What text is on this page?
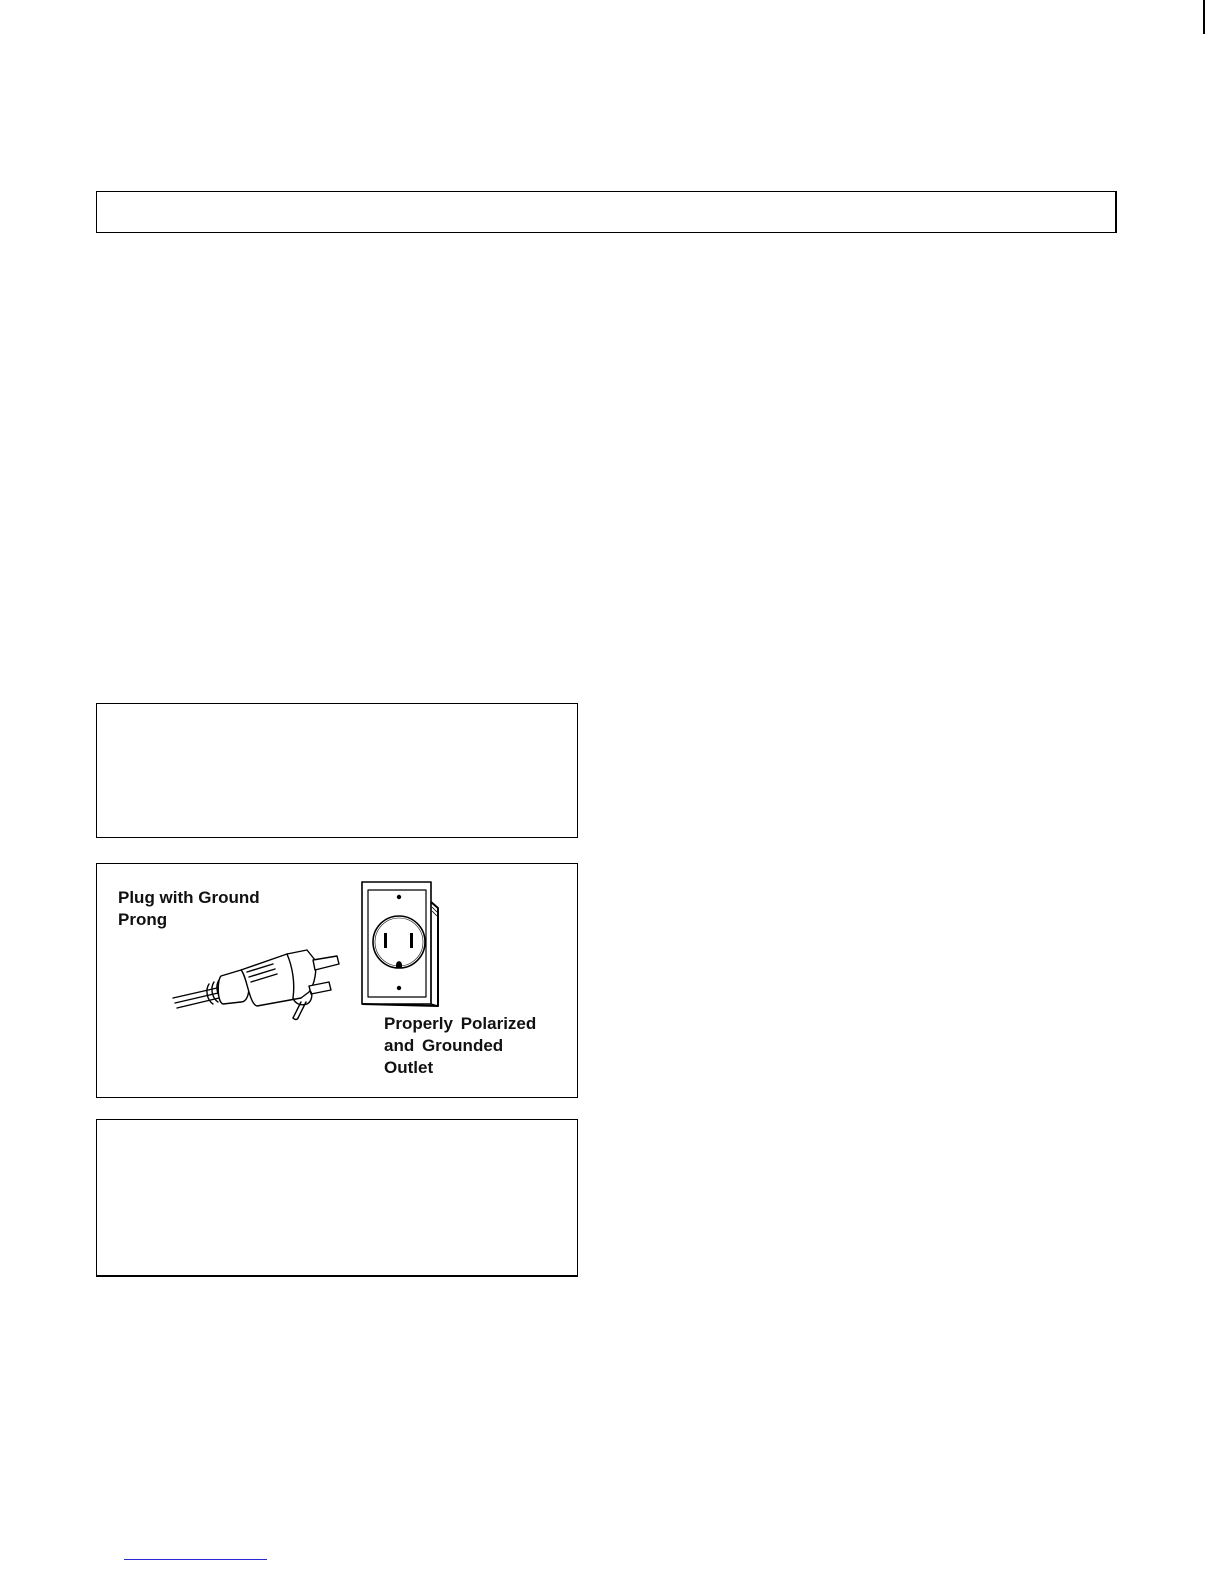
Plug with Ground
Prong
Properly Polarized
and Grounded
Outlet
